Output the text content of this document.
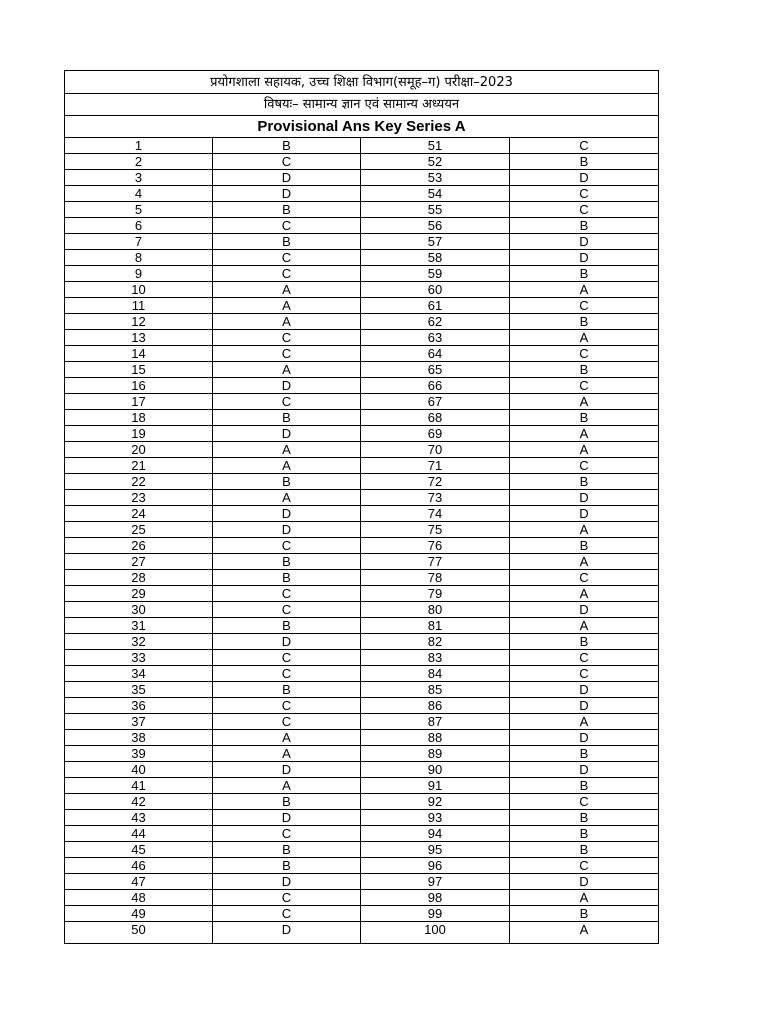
प्रयोगशाला सहायक, उच्च शिक्षा विभाग(समूह–ग) परीक्षा–2023			
विषयः– सामान्य ज्ञान एवं सामान्य अध्ययन			
Provisional Ans Key Series A			
1	B	51	C
2	C	52	B
3	D	53	D
4	D	54	C
5	B	55	C
6	C	56	B
7	B	57	D
8	C	58	D
9	C	59	B
10	A	60	A
11	A	61	C
12	A	62	B
13	C	63	A
14	C	64	C
15	A	65	B
16	D	66	C
17	C	67	A
18	B	68	B
19	D	69	A
20	A	70	A
21	A	71	C
22	B	72	B
23	A	73	D
24	D	74	D
25	D	75	A
26	C	76	B
27	B	77	A
28	B	78	C
29	C	79	A
30	C	80	D
31	B	81	A
32	D	82	B
33	C	83	C
34	C	84	C
35	B	85	D
36	C	86	D
37	C	87	A
38	A	88	D
39	A	89	B
40	D	90	D
41	A	91	B
42	B	92	C
43	D	93	B
44	C	94	B
45	B	95	B
46	B	96	C
47	D	97	D
48	C	98	A
49	C	99	B
50	D	100	A
